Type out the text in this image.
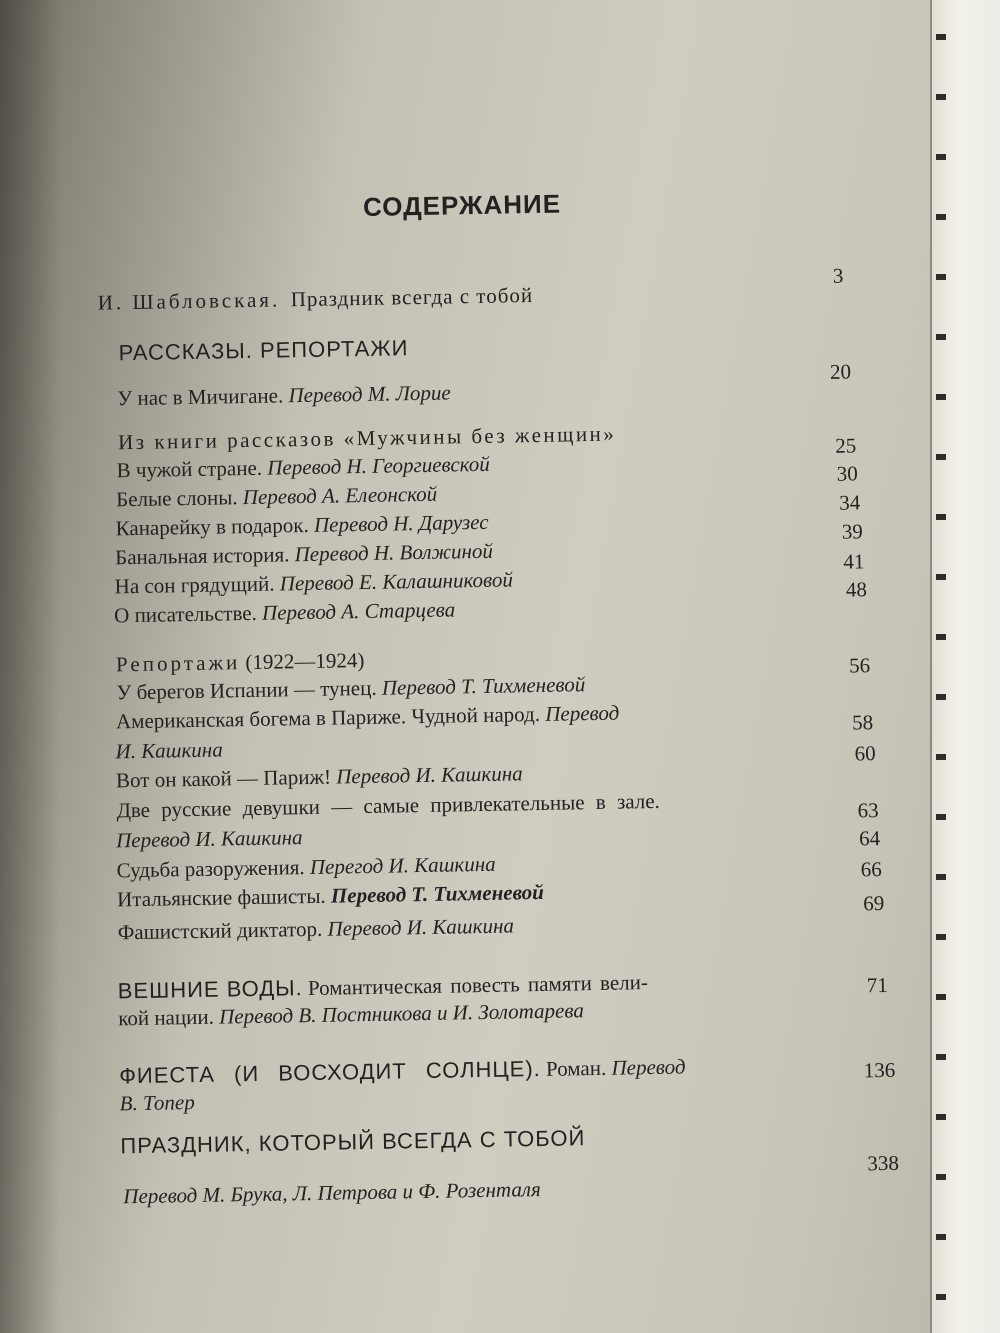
СОДЕРЖАНИЕ
И. Шабловская. Праздник всегда с тобой
3
РАССКАЗЫ. РЕПОРТАЖИ
У нас в Мичигане. Перевод М. Лорие
20
Из книги рассказов «Мужчины без женщин»
В чужой стране. Перевод Н. Георгиевской
25
Белые слоны. Перевод А. Елеонской
30
Канарейку в подарок. Перевод Н. Дарузес
34
Банальная история. Перевод Н. Волжиной
39
На сон грядущий. Перевод Е. Калашниковой
41
О писательстве. Перевод А. Старцева
48
Репортажи (1922—1924)
У берегов Испании — тунец. Перевод Т. Тихменевой
56
Американская богема в Париже. Чудной народ. Перевод
И. Кашкина
58
Вот он какой — Париж! Перевод И. Кашкина
60
Две русские девушки — самые привлекательные в зале.
Перевод И. Кашкина
63
Судьба разоружения. Перегод И. Кашкина
64
Итальянские фашисты. Перевод Т. Тихменевой
66
Фашистский диктатор. Перевод И. Кашкина
69
ВЕШНИЕ ВОДЫ. Романтическая повесть памяти вели-
кой нации. Перевод В. Постникова и И. Золотарева
71
ФИЕСТА (И ВОСХОДИТ СОЛНЦЕ). Роман. Перевод
В. Топер
136
ПРАЗДНИК, КОТОРЫЙ ВСЕГДА С ТОБОЙ
Перевод М. Брука, Л. Петрова и Ф. Розенталя
338
